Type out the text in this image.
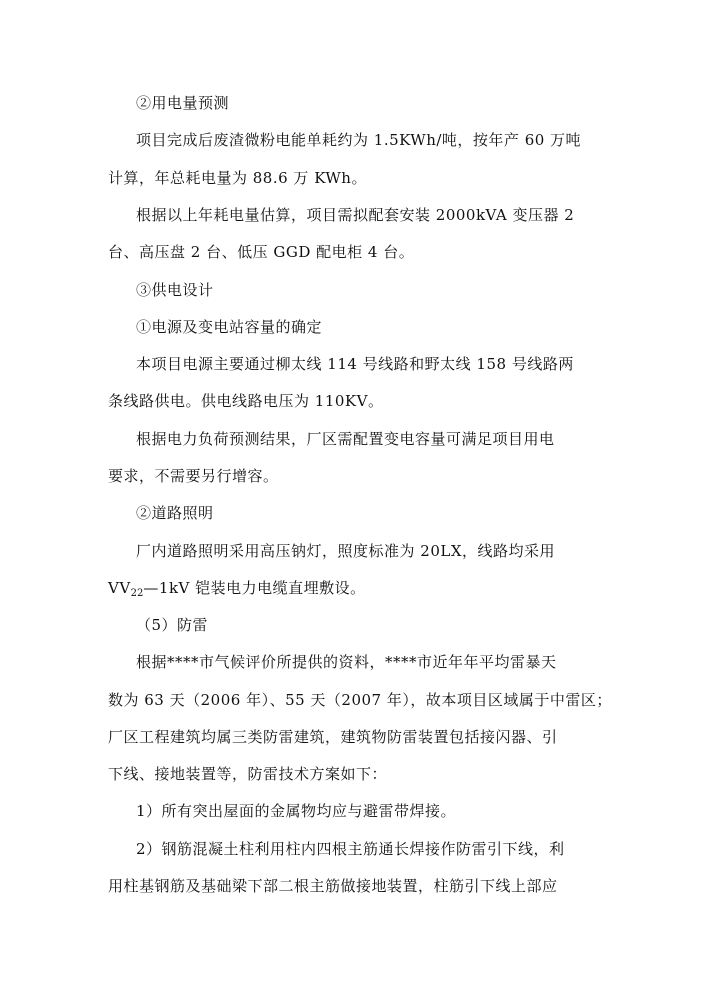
②用电量预测
项目完成后废渣微粉电能单耗约为 1.5KWh/吨，按年产 60 万吨
计算，年总耗电量为 88.6 万 KWh。
根据以上年耗电量估算，项目需拟配套安装 2000kVA 变压器 2
台、高压盘 2 台、低压 GGD 配电柜 4 台。
③供电设计
①电源及变电站容量的确定
本项目电源主要通过柳太线 114 号线路和野太线 158 号线路两
条线路供电。供电线路电压为 110KV。
根据电力负荷预测结果，厂区需配置变电容量可满足项目用电
要求，不需要另行增容。
②道路照明
厂内道路照明采用高压钠灯，照度标准为 20LX，线路均采用
$VV_{22}—1kV$ 铠装电力电缆直埋敷设。
（5）防雷
根据****市气候评价所提供的资料，****市近年年平均雷暴天
数为 63 天（2006 年）、55 天（2007 年），故本项目区域属于中雷区；
厂区工程建筑均属三类防雷建筑，建筑物防雷装置包括接闪器、引
下线、接地装置等，防雷技术方案如下：
1）所有突出屋面的金属物均应与避雷带焊接。
2）钢筋混凝土柱利用柱内四根主筋通长焊接作防雷引下线，利
用柱基钢筋及基础梁下部二根主筋做接地装置，柱筋引下线上部应
